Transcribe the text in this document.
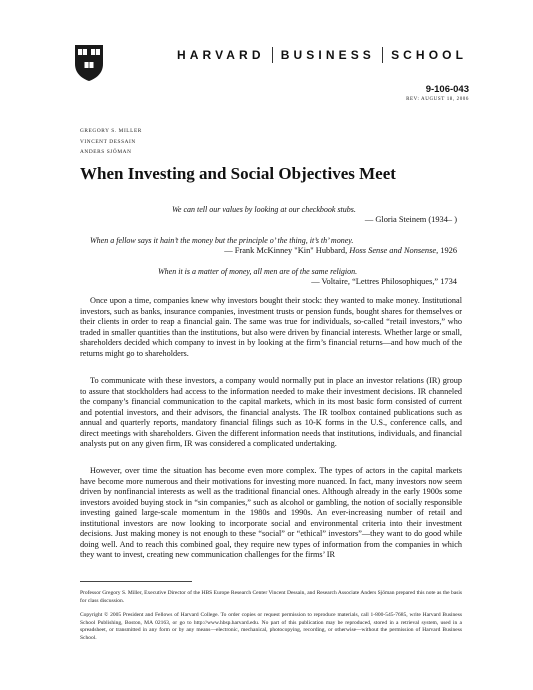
HARVARD BUSINESS SCHOOL
9-106-043
REV: AUGUST 18, 2006
GREGORY S. MILLER
VINCENT DESSAIN
ANDERS SJÖMAN
When Investing and Social Objectives Meet
We can tell our values by looking at our checkbook stubs.
— Gloria Steinem (1934– )
When a fellow says it hain’t the money but the principle o’ the thing, it’s th’ money.
— Frank McKinney "Kin" Hubbard, Hoss Sense and Nonsense, 1926
When it is a matter of money, all men are of the same religion.
— Voltaire, “Lettres Philosophiques,” 1734

Once upon a time, companies knew why investors bought their stock: they wanted to make money. Institutional investors, such as banks, insurance companies, investment trusts or pension funds, bought shares for themselves or their clients in order to reap a financial gain. The same was true for individuals, so-called “retail investors,” who traded in smaller quantities than the institutions, but also were driven by financial interests. Whether large or small, shareholders decided which company to invest in by looking at the firm’s financial returns—and how much of the returns might go to shareholders.

To communicate with these investors, a company would normally put in place an investor relations (IR) group to assure that stockholders had access to the information needed to make their investment decisions. IR channeled the company’s financial communication to the capital markets, which in its most basic form consisted of current and potential investors, and their advisors, the financial analysts. The IR toolbox contained publications such as annual and quarterly reports, mandatory financial filings such as 10-K forms in the U.S., conference calls, and direct meetings with shareholders. Given the different information needs that institutions, individuals, and financial analysts put on any given firm, IR was considered a complicated undertaking.

However, over time the situation has become even more complex. The types of actors in the capital markets have become more numerous and their motivations for investing more nuanced. In fact, many investors now seem driven by nonfinancial interests as well as the traditional financial ones. Although already in the early 1900s some investors avoided buying stock in “sin companies,” such as alcohol or gambling, the notion of socially responsible investing gained large-scale momentum in the 1980s and 1990s. An ever-increasing number of retail and institutional investors are now looking to incorporate social and environmental criteria into their investment decisions. Just making money is not enough to these “social” or “ethical” investors”—they want to do good while doing well. And to reach this combined goal, they require new types of information from the companies in which they want to invest, creating new communication challenges for the firms’ IR

Professor Gregory S. Miller, Executive Director of the HBS Europe Research Center Vincent Dessain, and Research Associate Anders Sjöman prepared this note as the basis for class discussion.

Copyright © 2005 President and Fellows of Harvard College. To order copies or request permission to reproduce materials, call 1-800-545-7685, write Harvard Business School Publishing, Boston, MA 02163, or go to http://www.hbsp.harvard.edu. No part of this publication may be reproduced, stored in a retrieval system, used in a spreadsheet, or transmitted in any form or by any means—electronic, mechanical, photocopying, recording, or otherwise—without the permission of Harvard Business School.
